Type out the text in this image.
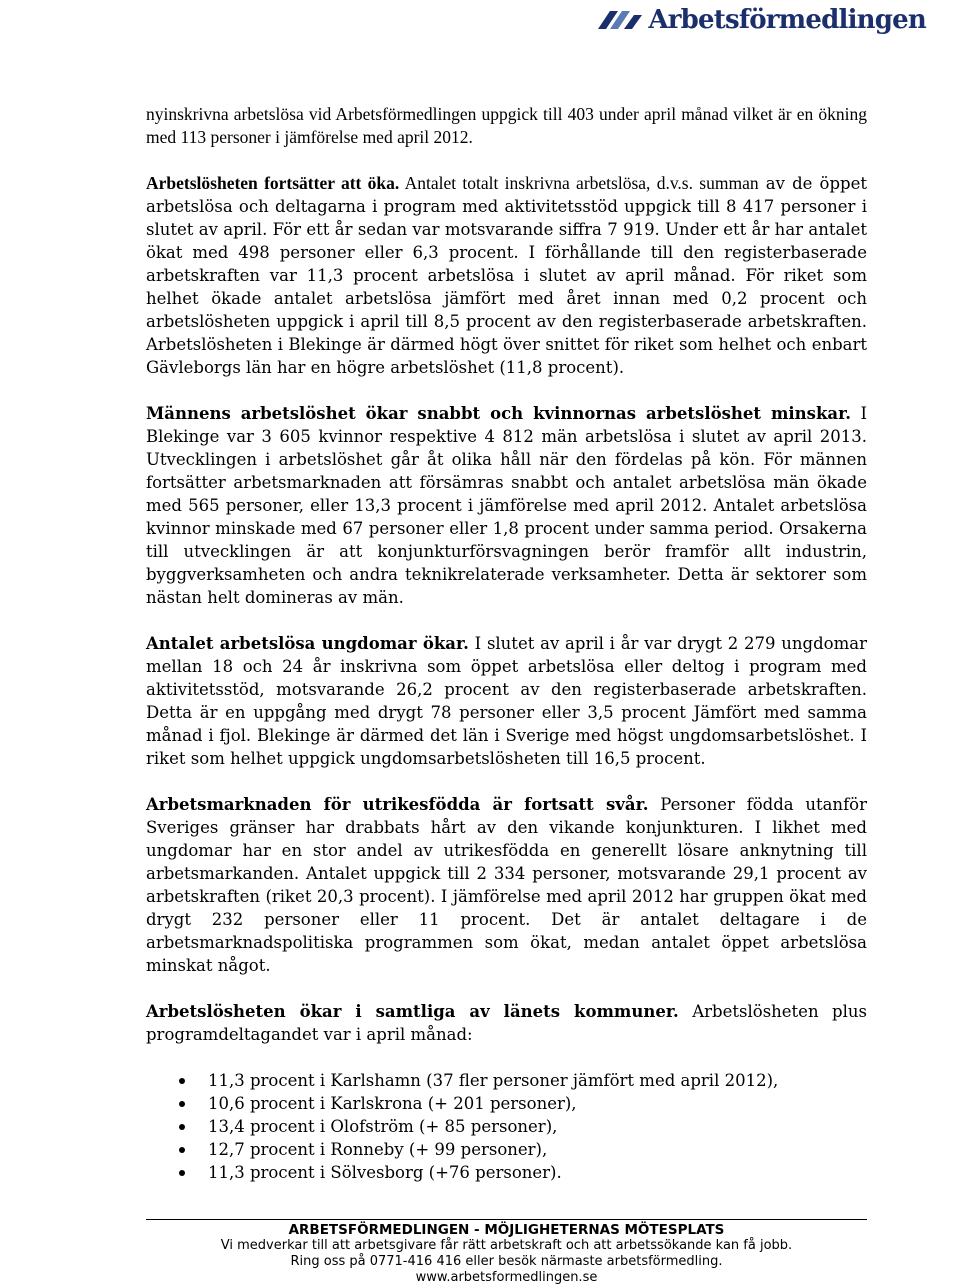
Arbetsförmedlingen

nyinskrivna arbetslösa vid Arbetsförmedlingen uppgick till 403 under april månad vilket är en ökning med 113 personer i jämförelse med april 2012.

Arbetslösheten fortsätter att öka. Antalet totalt inskrivna arbetslösa, d.v.s. summan av de öppet arbetslösa och deltagarna i program med aktivitetsstöd uppgick till 8 417 personer i slutet av april. För ett år sedan var motsvarande siffra 7 919. Under ett år har antalet ökat med 498 personer eller 6,3 procent. I förhållande till den registerbaserade arbetskraften var 11,3 procent arbetslösa i slutet av april månad. För riket som helhet ökade antalet arbetslösa jämfört med året innan med 0,2 procent och arbetslösheten uppgick i april till 8,5 procent av den registerbaserade arbetskraften. Arbetslösheten i Blekinge är därmed högt över snittet för riket som helhet och enbart Gävleborgs län har en högre arbetslöshet (11,8 procent).

Männens arbetslöshet ökar snabbt och kvinnornas arbetslöshet minskar. I Blekinge var 3 605 kvinnor respektive 4 812 män arbetslösa i slutet av april 2013. Utvecklingen i arbetslöshet går åt olika håll när den fördelas på kön. För männen fortsätter arbetsmarknaden att försämras snabbt och antalet arbetslösa män ökade med 565 personer, eller 13,3 procent i jämförelse med april 2012. Antalet arbetslösa kvinnor minskade med 67 personer eller 1,8 procent under samma period. Orsakerna till utvecklingen är att konjunkturförsvagningen berör framför allt industrin, byggverksamheten och andra teknikrelaterade verksamheter. Detta är sektorer som nästan helt domineras av män.

Antalet arbetslösa ungdomar ökar. I slutet av april i år var drygt 2 279 ungdomar mellan 18 och 24 år inskrivna som öppet arbetslösa eller deltog i program med aktivitetsstöd, motsvarande 26,2 procent av den registerbaserade arbetskraften. Detta är en uppgång med drygt 78 personer eller 3,5 procent Jämfört med samma månad i fjol. Blekinge är därmed det län i Sverige med högst ungdomsarbetslöshet. I riket som helhet uppgick ungdomsarbetslösheten till 16,5 procent.

Arbetsmarknaden för utrikesfödda är fortsatt svår. Personer födda utanför Sveriges gränser har drabbats hårt av den vikande konjunkturen. I likhet med ungdomar har en stor andel av utrikesfödda en generellt lösare anknytning till arbetsmarkanden. Antalet uppgick till 2 334 personer, motsvarande 29,1 procent av arbetskraften (riket 20,3 procent). I jämförelse med april 2012 har gruppen ökat med drygt 232 personer eller 11 procent. Det är antalet deltagare i de arbetsmarknadspolitiska programmen som ökat, medan antalet öppet arbetslösa minskat något.

Arbetslösheten ökar i samtliga av länets kommuner. Arbetslösheten plus programdeltagandet var i april månad:

11,3 procent i Karlshamn (37 fler personer jämfört med april 2012),
10,6 procent i Karlskrona (+ 201 personer),
13,4 procent i Olofström (+ 85 personer),
12,7 procent i Ronneby (+ 99 personer),
11,3 procent i Sölvesborg (+76 personer).
ARBETSFÖRMEDLINGEN - MÖJLIGHETERNAS MÖTESPLATS
Vi medverkar till att arbetsgivare får rätt arbetskraft och att arbetssökande kan få jobb.
Ring oss på 0771-416 416 eller besök närmaste arbetsförmedling.
www.arbetsformedlingen.se
